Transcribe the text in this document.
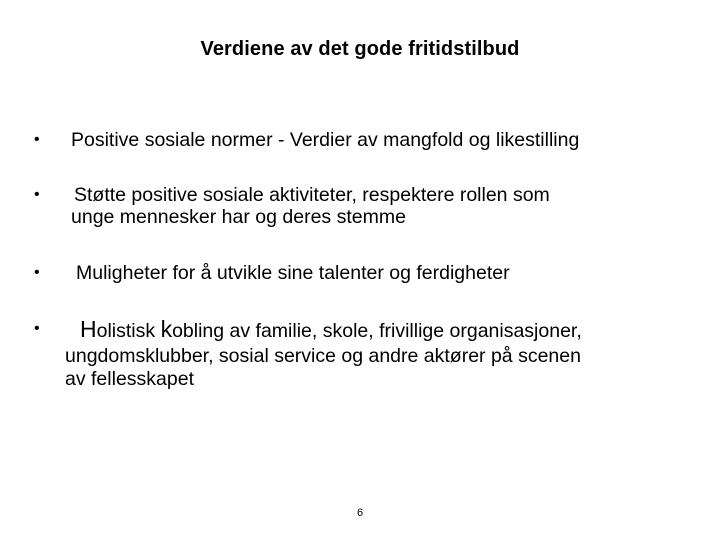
Verdiene av det gode fritidstilbud
•	Positive sosiale normer - Verdier av mangfold og likestilling
•	Støtte positive sosiale aktiviteter, respektere rollen som
unge mennesker har og deres stemme
•	Muligheter for å utvikle sine talenter og ferdigheter
•	Holistisk kobling av familie, skole, frivillige organisasjoner,
ungdomsklubber, sosial service og andre aktører på scenen
av fellesskapet
6
